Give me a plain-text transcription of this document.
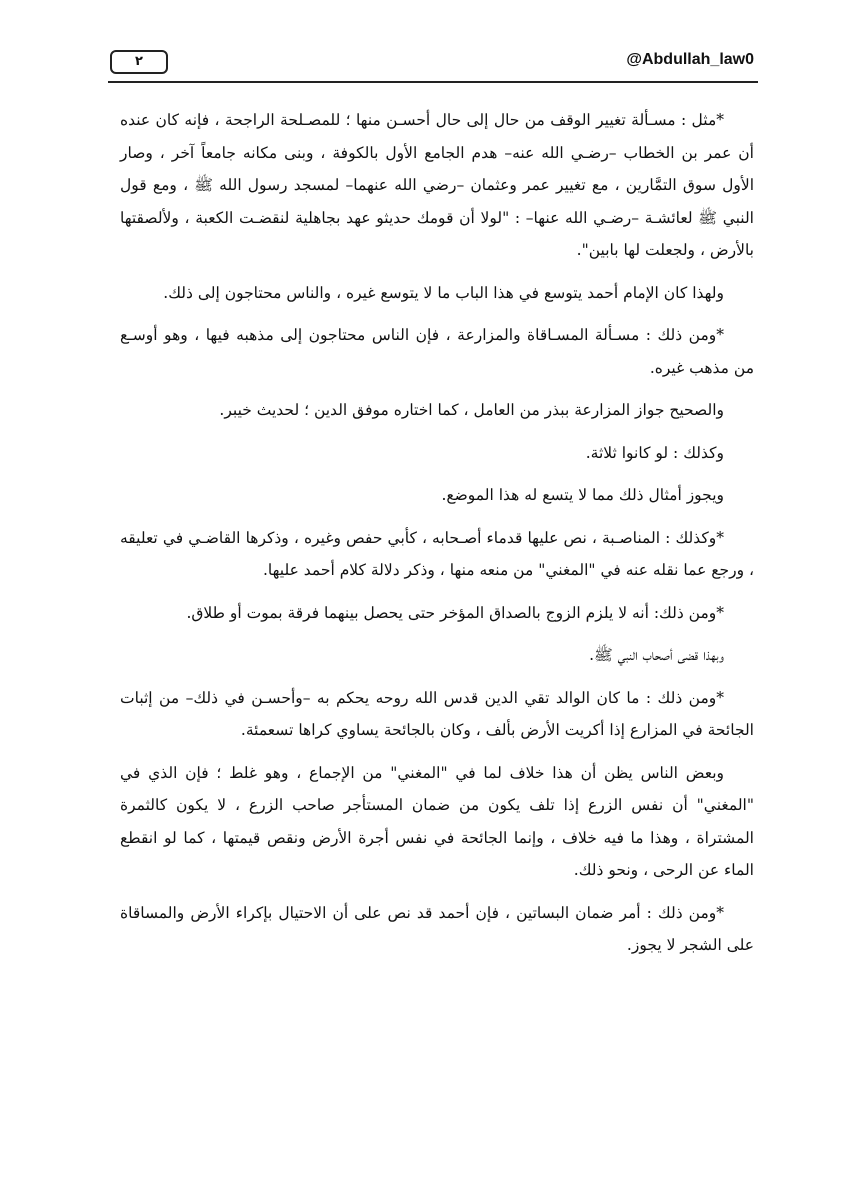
٢	@Abdullah_law0

*مثل : مسـألة تغيير الوقف من حال إلى حال أحسـن منها ؛ للمصـلحة الراجحة ، فإنه كان عنده أن عمر بن الخطاب –رضـي الله عنه– هدم الجامع الأول بالكوفة ، وبنى مكانه جامعاً آخر ، وصار الأول سوق التمَّارين ، مع تغيير عمر وعثمان –رضي الله عنهما– لمسجد رسول الله ﷺ ، ومع قول النبي ﷺ لعائشـة –رضـي الله عنها– : "لولا أن قومك حديثو عهد بجاهلية لنقضـت الكعبة ، ولألصقتها بالأرض ، ولجعلت لها بابين".

ولهذا كان الإمام أحمد يتوسع في هذا الباب ما لا يتوسع غيره ، والناس محتاجون إلى ذلك.

*ومن ذلك : مسـألة المسـاقاة والمزارعة ، فإن الناس محتاجون إلى مذهبه فيها ، وهو أوسـع من مذهب غيره.

والصحيح جواز المزارعة ببذر من العامل ، كما اختاره موفق الدين ؛ لحديث خيبر.

وكذلك : لو كانوا ثلاثة.

ويجوز أمثال ذلك مما لا يتسع له هذا الموضع.

*وكذلك : المناصـبة ، نص عليها قدماء أصـحابه ، كأبي حفص وغيره ، وذكرها القاضـي في تعليقه ، ورجع عما نقله عنه في "المغني" من منعه منها ، وذكر دلالة كلام أحمد عليها.

*ومن ذلك: أنه لا يلزم الزوج بالصداق المؤخر حتى يحصل بينهما فرقة بموت أو طلاق.

وبهذا قضى أصحاب النبي ﷺ.

*ومن ذلك : ما كان الوالد تقي الدين قدس الله روحه يحكم به –وأحسـن في ذلك– من إثبات الجائحة في المزارع إذا أكريت الأرض بألف ، وكان بالجائحة يساوي كراها تسعمئة.

وبعض الناس يظن أن هذا خلاف لما في "المغني" من الإجماع ، وهو غلط ؛ فإن الذي في "المغني" أن نفس الزرع إذا تلف يكون من ضمان المستأجر صاحب الزرع ، لا يكون كالثمرة المشتراة ، وهذا ما فيه خلاف ، وإنما الجائحة في نفس أجرة الأرض ونقص قيمتها ، كما لو انقطع الماء عن الرحى ، ونحو ذلك.

*ومن ذلك : أمر ضمان البساتين ، فإن أحمد قد نص على أن الاحتيال بإكراء الأرض والمساقاة على الشجر لا يجوز.
